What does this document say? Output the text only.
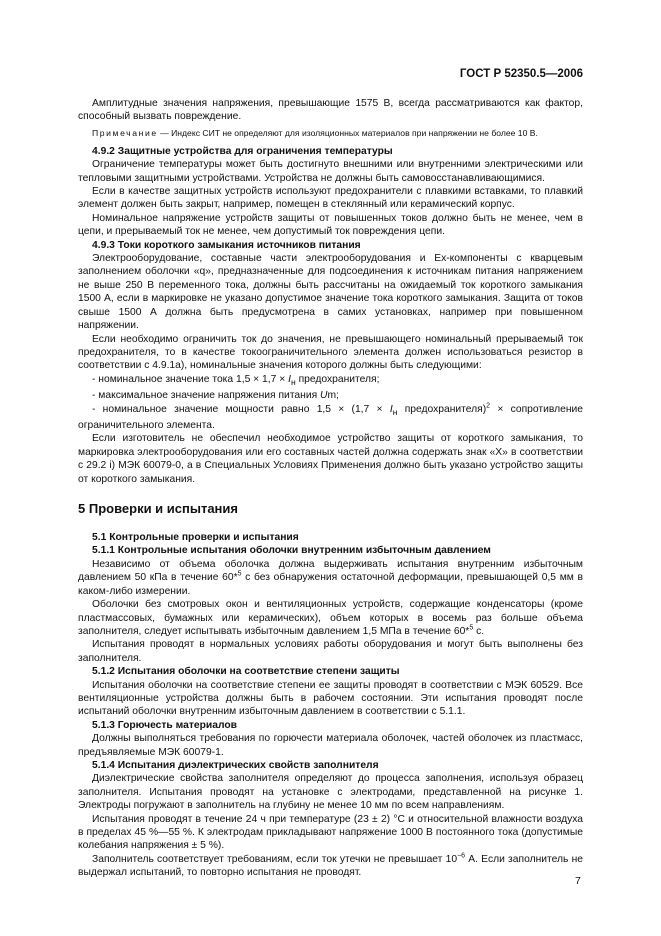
ГОСТ Р 52350.5—2006

Амплитудные значения напряжения, превышающие 1575 В, всегда рассматриваются как фактор, способный вызвать повреждение.

Примечание — Индекс СИТ не определяют для изоляционных материалов при напряжении не более 10 В.

4.9.2 Защитные устройства для ограничения температуры

Ограничение температуры может быть достигнуто внешними или внутренними электрическими или тепловыми защитными устройствами. Устройства не должны быть самовосстанавливающимися.

Если в качестве защитных устройств используют предохранители с плавкими вставками, то плавкий элемент должен быть закрыт, например, помещен в стеклянный или керамический корпус.

Номинальное напряжение устройств защиты от повышенных токов должно быть не менее, чем в цепи, и прерываемый ток не менее, чем допустимый ток повреждения цепи.

4.9.3 Токи короткого замыкания источников питания

Электрооборудование, составные части электрооборудования и Ех-компоненты с кварцевым заполнением оболочки «q», предназначенные для подсоединения к источникам питания напряжением не выше 250 В переменного тока, должны быть рассчитаны на ожидаемый ток короткого замыкания 1500 А, если в маркировке не указано допустимое значение тока короткого замыкания. Защита от токов свыше 1500 А должна быть предусмотрена в самих установках, например при повышенном напряжении.

Если необходимо ограничить ток до значения, не превышающего номинальный прерываемый ток предохранителя, то в качестве токоограничительного элемента должен использоваться резистор в соответствии с 4.9.1а), номинальные значения которого должны быть следующими:

- номинальное значение тока $1,5 \times 1,7 \times I_н$ предохранителя;

- максимальное значение напряжения питания Um;

- номинальное значение мощности равно $1,5 \times (1,7 \times I_н$ предохранителя)$^2$ × сопротивление ограничительного элемента.

Если изготовитель не обеспечил необходимое устройство защиты от короткого замыкания, то маркировка электрооборудования или его составных частей должна содержать знак «Х» в соответствии с 29.2 i) МЭК 60079-0, а в Специальных Условиях Применения должно быть указано устройство защиты от короткого замыкания.

5 Проверки и испытания

5.1 Контрольные проверки и испытания

5.1.1 Контрольные испытания оболочки внутренним избыточным давлением

Независимо от объема оболочка должна выдерживать испытания внутренним избыточным давлением 50 кПа в течение 60*$^5$ с без обнаружения остаточной деформации, превышающей 0,5 мм в каком-либо измерении.

Оболочки без смотровых окон и вентиляционных устройств, содержащие конденсаторы (кроме пластмассовых, бумажных или керамических), объем которых в восемь раз больше объема заполнителя, следует испытывать избыточным давлением 1,5 МПа в течение 60*$^5$ с.

Испытания проводят в нормальных условиях работы оборудования и могут быть выполнены без заполнителя.

5.1.2 Испытания оболочки на соответствие степени защиты

Испытания оболочки на соответствие степени ее защиты проводят в соответствии с МЭК 60529. Все вентиляционные устройства должны быть в рабочем состоянии. Эти испытания проводят после испытаний оболочки внутренним избыточным давлением в соответствии с 5.1.1.

5.1.3 Горючесть материалов

Должны выполняться требования по горючести материала оболочек, частей оболочек из пластмасс, предъявляемые МЭК 60079-1.

5.1.4 Испытания диэлектрических свойств заполнителя

Диэлектрические свойства заполнителя определяют до процесса заполнения, используя образец заполнителя. Испытания проводят на установке с электродами, представленной на рисунке 1. Электроды погружают в заполнитель на глубину не менее 10 мм по всем направлениям.

Испытания проводят в течение 24 ч при температуре (23 ± 2) °С и относительной влажности воздуха в пределах 45 %—55 %. К электродам прикладывают напряжение 1000 В постоянного тока (допустимые колебания напряжения ± 5 %).

Заполнитель соответствует требованиям, если ток утечки не превышает $10^{-6}$ А. Если заполнитель не выдержал испытаний, то повторно испытания не проводят.

7
